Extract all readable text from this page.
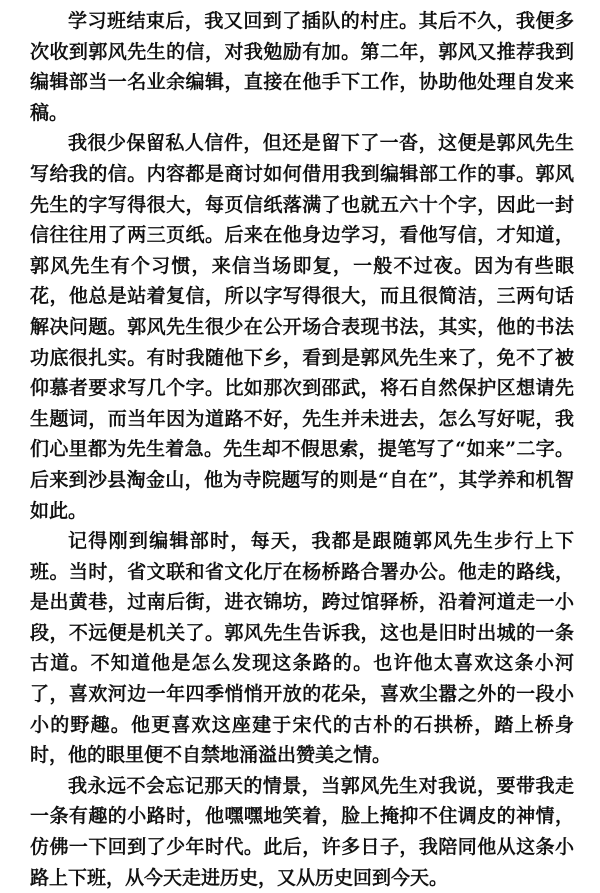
学习班结束后，我又回到了插队的村庄。其后不久，我便多次收到郭风先生的信，对我勉励有加。第二年，郭风又推荐我到编辑部当一名业余编辑，直接在他手下工作，协助他处理自发来稿。

我很少保留私人信件，但还是留下了一沓，这便是郭风先生写给我的信。内容都是商讨如何借用我到编辑部工作的事。郭风先生的字写得很大，每页信纸落满了也就五六十个字，因此一封信往往用了两三页纸。后来在他身边学习，看他写信，才知道，郭风先生有个习惯，来信当场即复，一般不过夜。因为有些眼花，他总是站着复信，所以字写得很大，而且很简洁，三两句话解决问题。郭风先生很少在公开场合表现书法，其实，他的书法功底很扎实。有时我随他下乡，看到是郭风先生来了，免不了被仰慕者要求写几个字。比如那次到邵武，将石自然保护区想请先生题词，而当年因为道路不好，先生并未进去，怎么写好呢，我们心里都为先生着急。先生却不假思索，提笔写了“如来”二字。后来到沙县淘金山，他为寺院题写的则是“自在”，其学养和机智如此。

记得刚到编辑部时，每天，我都是跟随郭风先生步行上下班。当时，省文联和省文化厅在杨桥路合署办公。他走的路线，是出黄巷，过南后街，进衣锦坊，跨过馆驿桥，沿着河道走一小段，不远便是机关了。郭风先生告诉我，这也是旧时出城的一条古道。不知道他是怎么发现这条路的。也许他太喜欢这条小河了，喜欢河边一年四季悄悄开放的花朵，喜欢尘嚣之外的一段小小的野趣。他更喜欢这座建于宋代的古朴的石拱桥，踏上桥身时，他的眼里便不自禁地涌溢出赞美之情。

我永远不会忘记那天的情景，当郭风先生对我说，要带我走一条有趣的小路时，他嘿嘿地笑着，脸上掩抑不住调皮的神情，仿佛一下回到了少年时代。此后，许多日子，我陪同他从这条小路上下班，从今天走进历史，又从历史回到今天。
